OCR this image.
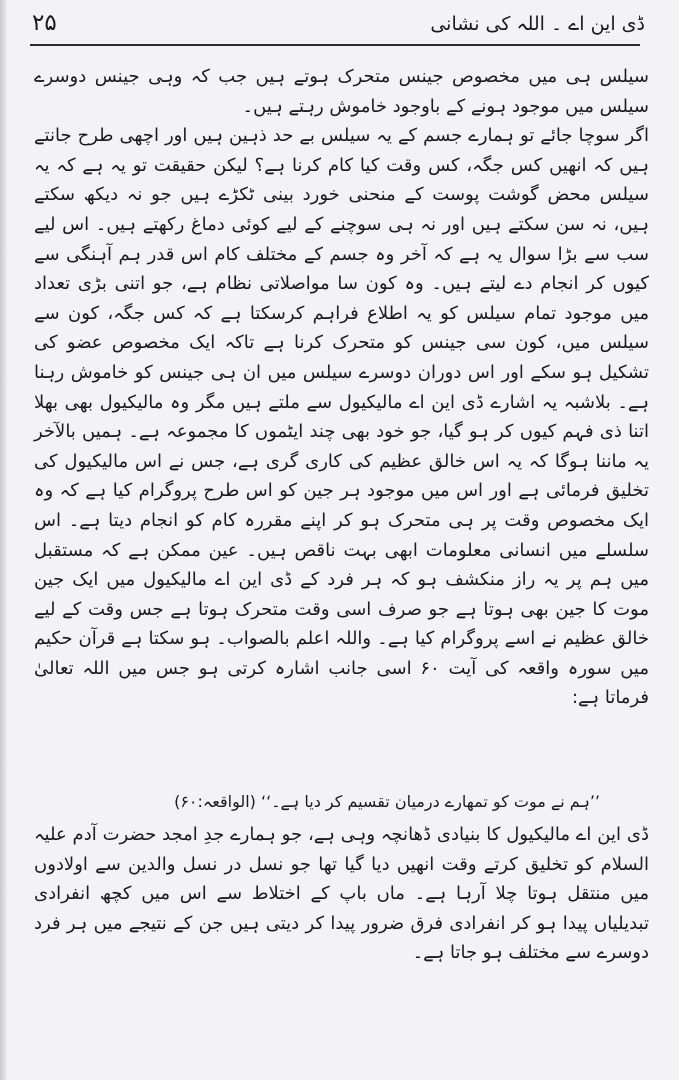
۲۵	ڈی این اے ۔ اللہ کی نشانی

سیلس ہی میں مخصوص جینس متحرک ہوتے ہیں جب کہ وہی جینس دوسرے سیلس میں موجود ہونے کے باوجود خاموش رہتے ہیں۔

اگر سوچا جائے تو ہمارے جسم کے یہ سیلس بے حد ذہین ہیں اور اچھی طرح جانتے ہیں کہ انھیں کس جگہ، کس وقت کیا کام کرنا ہے؟ لیکن حقیقت تو یہ ہے کہ یہ سیلس محض گوشت پوست کے منحنی خورد بینی ٹکڑے ہیں جو نہ دیکھ سکتے ہیں، نہ سن سکتے ہیں اور نہ ہی سوچنے کے لیے کوئی دماغ رکھتے ہیں۔ اس لیے سب سے بڑا سوال یہ ہے کہ آخر وہ جسم کے مختلف کام اس قدر ہم آہنگی سے کیوں کر انجام دے لیتے ہیں۔ وہ کون سا مواصلاتی نظام ہے، جو اتنی بڑی تعداد میں موجود تمام سیلس کو یہ اطلاع فراہم کرسکتا ہے کہ کس جگہ، کون سے سیلس میں، کون سی جینس کو متحرک کرنا ہے تاکہ ایک مخصوص عضو کی تشکیل ہو سکے اور اس دوران دوسرے سیلس میں ان ہی جینس کو خاموش رہنا ہے۔ بلاشبہ یہ اشارے ڈی این اے مالیکیول سے ملتے ہیں مگر وہ مالیکیول بھی بھلا اتنا ذی فہم کیوں کر ہو گیا، جو خود بھی چند ایٹموں کا مجموعہ ہے۔ ہمیں بالآخر یہ ماننا ہوگا کہ یہ اس خالق عظیم کی کاری گری ہے، جس نے اس مالیکیول کی تخلیق فرمائی ہے اور اس میں موجود ہر جین کو اس طرح پروگرام کیا ہے کہ وہ ایک مخصوص وقت پر ہی متحرک ہو کر اپنے مقررہ کام کو انجام دیتا ہے۔ اس سلسلے میں انسانی معلومات ابھی بہت ناقص ہیں۔ عین ممکن ہے کہ مستقبل میں ہم پر یہ راز منکشف ہو کہ ہر فرد کے ڈی این اے مالیکیول میں ایک جین موت کا جین بھی ہوتا ہے جو صرف اسی وقت متحرک ہوتا ہے جس وقت کے لیے خالق عظیم نے اسے پروگرام کیا ہے۔ واللہ اعلم بالصواب۔ ہو سکتا ہے قرآن حکیم میں سورہ واقعہ کی آیت ۶۰ اسی جانب اشارہ کرتی ہو جس میں اللہ تعالیٰ فرماتا ہے:

’’ہم نے موت کو تمھارے درمیان تقسیم کر دیا ہے۔‘‘ (الواقعہ:۶۰)

ڈی این اے مالیکیول کا بنیادی ڈھانچہ وہی ہے، جو ہمارے جدِ امجد حضرت آدم علیہ السلام کو تخلیق کرتے وقت انھیں دیا گیا تھا جو نسل در نسل والدین سے اولادوں میں منتقل ہوتا چلا آرہا ہے۔ ماں باپ کے اختلاط سے اس میں کچھ انفرادی تبدیلیاں پیدا ہو کر انفرادی فرق ضرور پیدا کر دیتی ہیں جن کے نتیجے میں ہر فرد دوسرے سے مختلف ہو جاتا ہے۔
